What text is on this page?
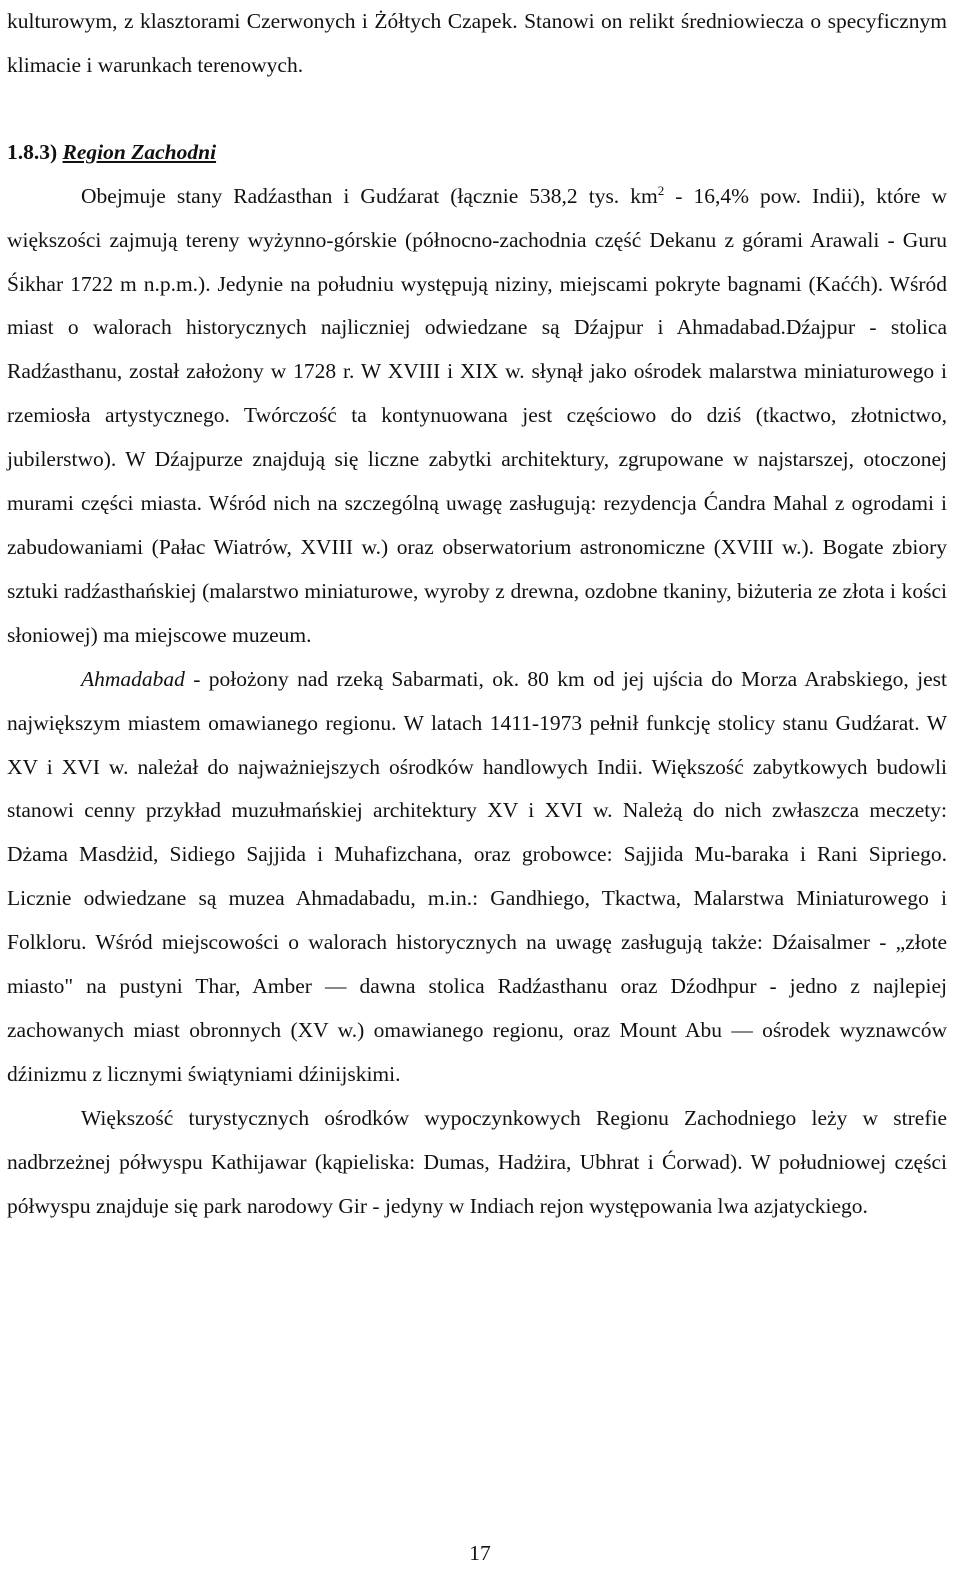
kulturowym, z klasztorami Czerwonych i Żółtych Czapek. Stanowi on relikt średniowiecza o specyficznym klimacie i warunkach terenowych.

1.8.3) Region Zachodni

Obejmuje stany Radźasthan i Gudźarat (łącznie 538,2 tys. $km^2 - 16,4\%$ pow. Indii), które w większości zajmują tereny wyżynno-górskie (północno-zachodnia część Dekanu z górami Arawali - Guru Śikhar 1722 m n.p.m.). Jedynie na południu występują niziny, miejscami pokryte bagnami (Kaććh). Wśród miast o walorach historycznych najliczniej odwiedzane są Dźajpur i Ahmadabad.Dźajpur - stolica Radźasthanu, został założony w 1728 r. W XVIII i XIX w. słynął jako ośrodek malarstwa miniaturowego i rzemiosła artystycznego. Twórczość ta kontynuowana jest częściowo do dziś (tkactwo, złotnictwo, jubilerstwo). W Dźajpurze znajdują się liczne zabytki architektury, zgrupowane w najstarszej, otoczonej murami części miasta. Wśród nich na szczególną uwagę zasługują: rezydencja Ćandra Mahal z ogrodami i zabudowaniami (Pałac Wiatrów, XVIII w.) oraz obserwatorium astronomiczne (XVIII w.). Bogate zbiory sztuki radźasthańskiej (malarstwo miniaturowe, wyroby z drewna, ozdobne tkaniny, biżuteria ze złota i kości słoniowej) ma miejscowe muzeum.

Ahmadabad - położony nad rzeką Sabarmati, ok. 80 km od jej ujścia do Morza Arabskiego, jest największym miastem omawianego regionu. W latach 1411-1973 pełnił funkcję stolicy stanu Gudźarat. W XV i XVI w. należał do najważniejszych ośrodków handlowych Indii. Większość zabytkowych budowli stanowi cenny przykład muzułmańskiej architektury XV i XVI w. Należą do nich zwłaszcza meczety: Dżama Masdżid, Sidiego Sajjida i Muhafizchana, oraz grobowce: Sajjida Mu-baraka i Rani Sipriego. Licznie odwiedzane są muzea Ahmadabadu, m.in.: Gandhiego, Tkactwa, Malarstwa Miniaturowego i Folkloru. Wśród miejscowości o walorach historycznych na uwagę zasługują także: Dźaisalmer - „złote miasto" na pustyni Thar, Amber — dawna stolica Radźasthanu oraz Dźodhpur - jedno z najlepiej zachowanych miast obronnych (XV w.) omawianego regionu, oraz Mount Abu — ośrodek wyznawców dźinizmu z licznymi świątyniami dźinijskimi.

Większość turystycznych ośrodków wypoczynkowych Regionu Zachodniego leży w strefie nadbrzeżnej półwyspu Kathijawar (kąpieliska: Dumas, Hadżira, Ubhrat i Ćorwad). W południowej części półwyspu znajduje się park narodowy Gir - jedyny w Indiach rejon występowania lwa azjatyckiego.

17
